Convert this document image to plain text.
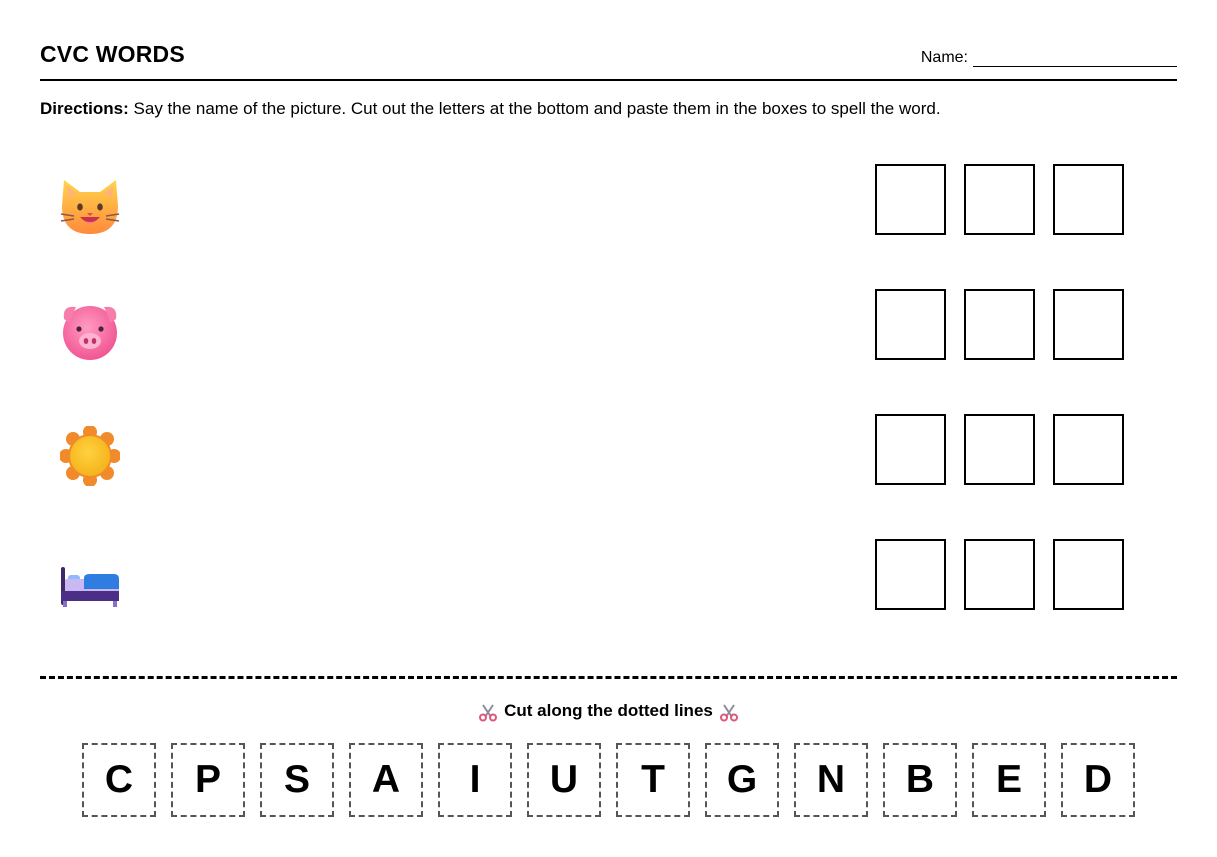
CVC WORDS	Name:
Directions: Say the name of the picture. Cut out the letters at the bottom and paste them in the boxes to spell the word.
Cut along the dotted lines
C	P	S	A	I	U	T	G	N	B	E	D
